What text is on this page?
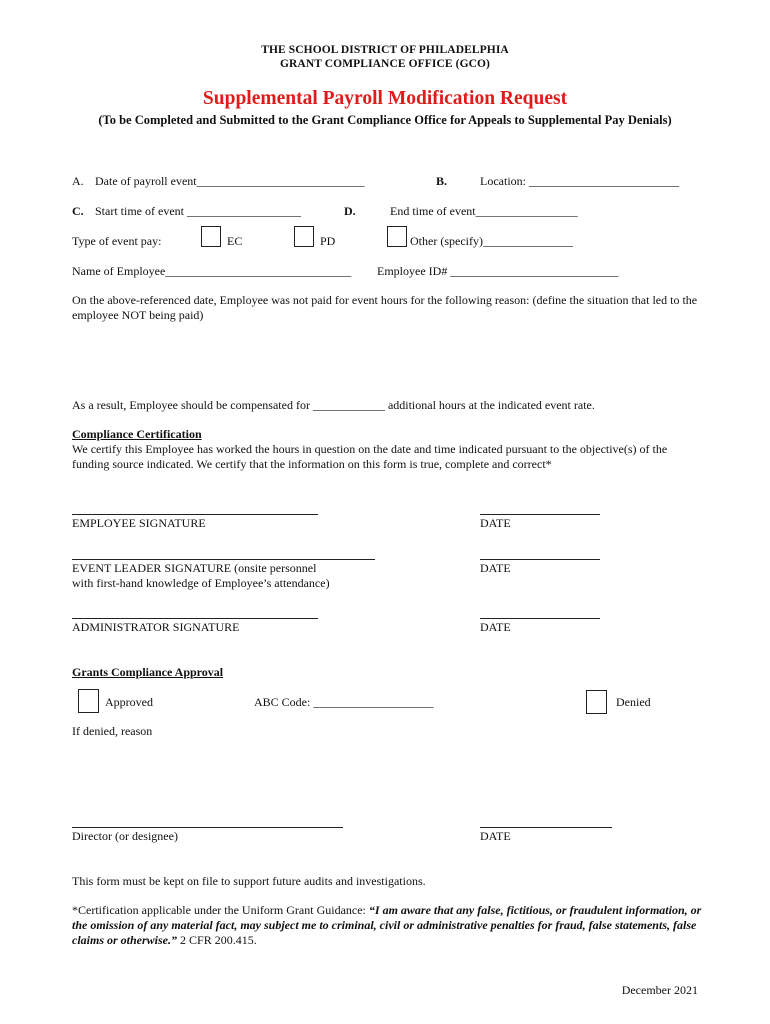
THE SCHOOL DISTRICT OF PHILADELPHIA
GRANT COMPLIANCE OFFICE (GCO)
Supplemental Payroll Modification Request
(To be Completed and Submitted to the Grant Compliance Office for Appeals to Supplemental Pay Denials)
A. Date of payroll event____________________________	B.	Location: _________________________
C. Start time of event ___________________	D.	End time of event_________________
Type of event pay:	EC	PD	Other (specify)_______________
Name of Employee_______________________________ Employee ID# ____________________________
On the above-referenced date, Employee was not paid for event hours for the following reason: (define the situation that led to the employee NOT being paid)
As a result, Employee should be compensated for ____________ additional hours at the indicated event rate.
Compliance Certification
We certify this Employee has worked the hours in question on the date and time indicated pursuant to the objective(s) of the funding source indicated. We certify that the information on this form is true, complete and correct*
EMPLOYEE SIGNATURE	DATE
EVENT LEADER SIGNATURE (onsite personnel
with first-hand knowledge of Employee’s attendance)
DATE
ADMINISTRATOR SIGNATURE	DATE
Grants Compliance Approval
Approved	ABC Code: ____________________	Denied
If denied, reason
Director (or designee)	DATE
This form must be kept on file to support future audits and investigations.
*Certification applicable under the Uniform Grant Guidance: “I am aware that any false, fictitious, or fraudulent information, or the omission of any material fact, may subject me to criminal, civil or administrative penalties for fraud, false statements, false claims or otherwise.” 2 CFR 200.415.
December 2021
